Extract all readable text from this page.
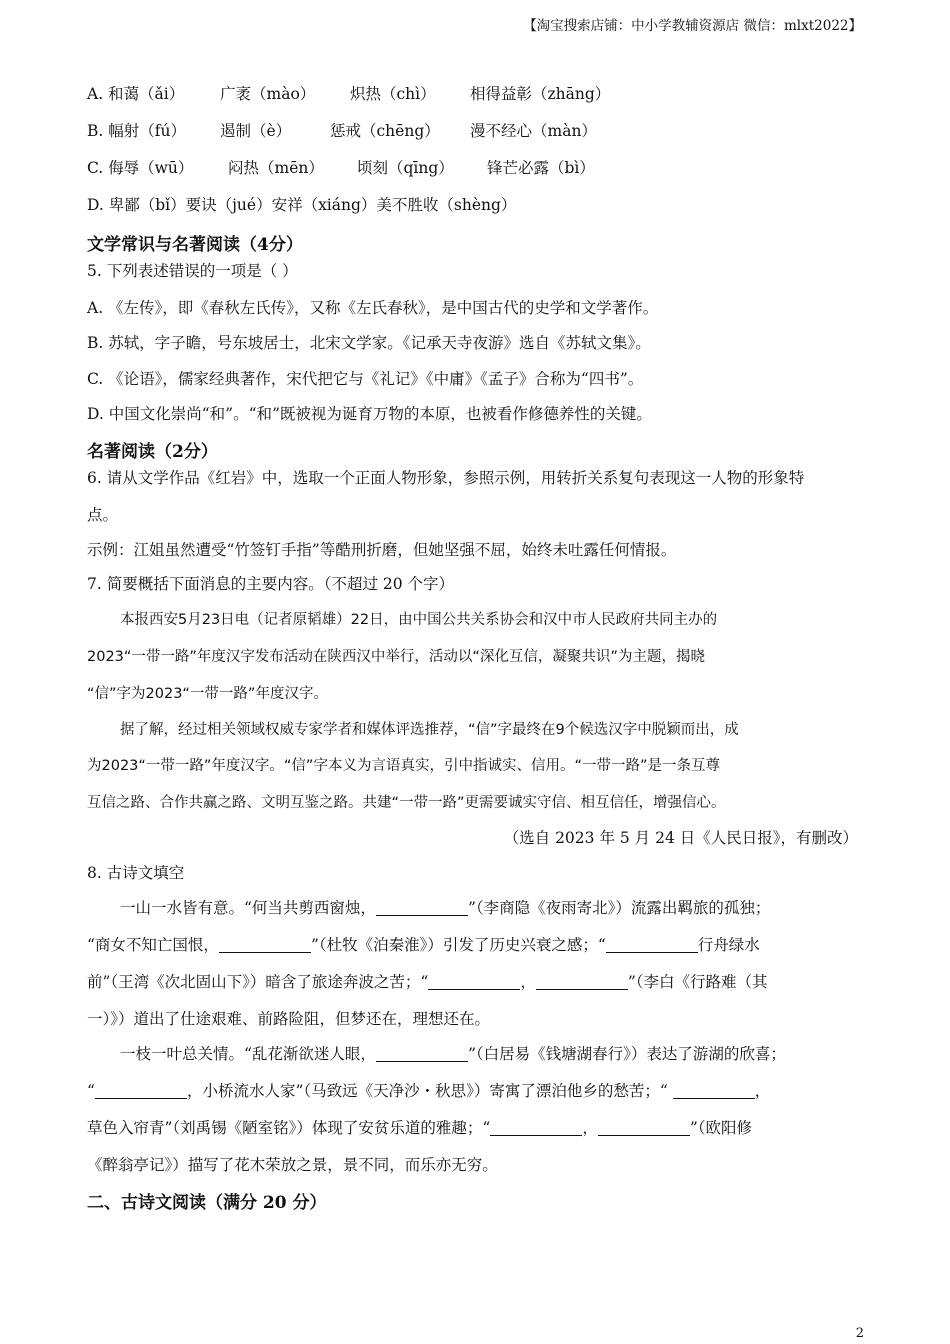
【淘宝搜索店铺：中小学教辅资源店 微信：mlxt2022】
A. 和蔼（ǎi） 广袤（mào） 炽热（chì） 相得益彰（zhāng）
B. 幅射（fú） 遏制（è）	惩戒（chēng） 漫不经心（màn）
C. 侮辱（wū） 闷热（mēn） 顷刻（qīng） 锋芒必露（bì）
D. 卑鄙（bǐ）要诀（jué）安祥（xiáng）美不胜收（shèng）
文学常识与名著阅读（4分）
5. 下列表述错误的一项是（ ）
A. 《左传》，即《春秋左氏传》，又称《左氏春秋》，是中国古代的史学和文学著作。
B. 苏轼，字子瞻，号东坡居士，北宋文学家。《记承天寺夜游》选自《苏轼文集》。
C. 《论语》，儒家经典著作，宋代把它与《礼记》《中庸》《孟子》合称为“四书”。
D. 中国文化崇尚“和”。“和”既被视为诞育万物的本原，也被看作修德养性的关键。
名著阅读（2分）
6. 请从文学作品《红岩》中，选取一个正面人物形象，参照示例，用转折关系复句表现这一人物的形象特
点。
示例：江姐虽然遭受“竹签钉手指”等酷刑折磨，但她坚强不屈，始终未吐露任何情报。
7. 简要概括下面消息的主要内容。（不超过 20 个字）
本报西安5月23日电（记者原韬雄）22日，由中国公共关系协会和汉中市人民政府共同主办的
2023“一带一路”年度汉字发布活动在陕西汉中举行，活动以“深化互信，凝聚共识”为主题，揭晓
“信”字为2023“一带一路”年度汉字。
据了解，经过相关领域权威专家学者和媒体评选推荐，“信”字最终在9个候选汉字中脱颖而出，成
为2023“一带一路”年度汉字。“信”字本义为言语真实，引中指诚实、信用。“一带一路”是一条互尊
互信之路、合作共赢之路、文明互鉴之路。共建“一带一路”更需要诚实守信、相互信任，增强信心。
（选自 2023 年 5 月 24 日《人民日报》，有删改）
8. 古诗文填空
一山一水皆有意。“何当共剪西窗烛，	”（李商隐《夜雨寄北》）流露出羁旅的孤独；
“商女不知亡国恨，	”（杜牧《泊秦淮》）引发了历史兴衰之感；“	行舟绿水
前”（王湾《次北固山下》）暗含了旅途奔波之苦；“	，	”（李白《行路难（其
一）》）道出了仕途艰难、前路险阻，但梦还在，理想还在。
一枝一叶总关情。“乱花渐欲迷人眼，	”（白居易《钱塘湖春行》）表达了游湖的欣喜；
“	，小桥流水人家”（马致远《天净沙・秋思》）寄寓了漂泊他乡的愁苦；“	，
草色入帘青”（刘禹锡《陋室铭》）体现了安贫乐道的雅趣；“	，	”（欧阳修
《醉翁亭记》）描写了花木荣放之景，景不同，而乐亦无穷。
二、古诗文阅读（满分 20 分）
2
